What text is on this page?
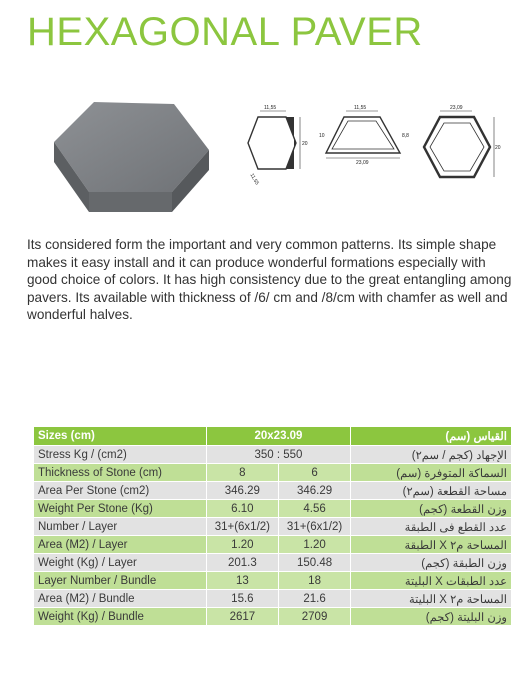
HEXAGONAL PAVER
11,55
20
11,55
11,55
10	8,8
23,09
23,09
20
Its considered form the important and very common patterns. Its simple shape makes it easy install and it can produce wonderful formations especially with good choice of colors. It has high consistency due to the great entangling among pavers. Its available with thickness of /6/ cm and /8/cm with chamfer as well and wonderful halves.
Sizes (cm)	20x23.09		القياس (سم)
Stress Kg / (cm2)	350 : 550		الإجهاد (كجم / سم٢)
Thickness of Stone (cm)	8	6	السماكة المتوفرة (سم)
Area Per Stone (cm2)	346.29	346.29	مساحة القطعة (سم٢)
Weight Per Stone (Kg)	6.10	4.56	وزن القطعة (كجم)
Number / Layer	31+(6x1/2)	31+(6x1/2)	عدد القطع فى الطبقة
Area (M2) / Layer	1.20	1.20	المساحة م٢ X الطبقة
Weight (Kg) / Layer	201.3	150.48	وزن الطبقة (كجم)
Layer Number / Bundle	13	18	عدد الطبقات X البليتة
Area (M2) / Bundle	15.6	21.6	المساحة م٢ X البليتة
Weight (Kg) / Bundle	2617	2709	وزن البليتة (كجم)
